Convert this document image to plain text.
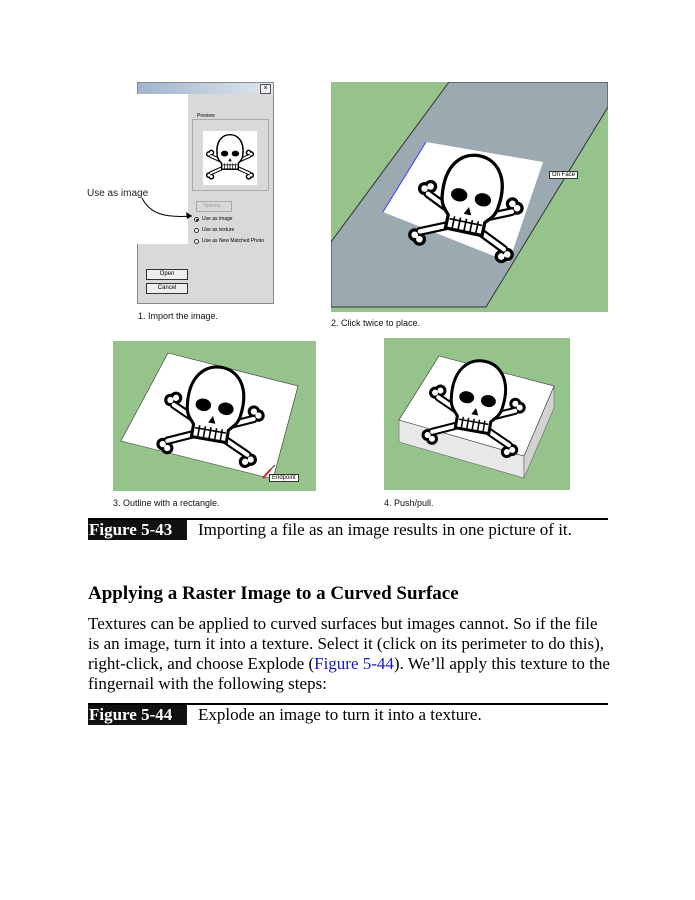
×
Preview
Options...
Use as image
Use as texture
Use as New Matched Photo
Open
Cancel
Use as image
1. Import the image.
On Face
2. Click twice to place.
Endpoint
3. Outline with a rectangle.	4. Push/pull.
Figure 5-43	Importing a file as an image results in one picture of it.
Applying a Raster Image to a Curved Surface
Textures can be applied to curved surfaces but images cannot. So if the file is an image, turn it into a texture. Select it (click on its perimeter to do this), right-click, and choose Explode (Figure 5-44). We’ll apply this texture to the fingernail with the following steps:
Figure 5-44	Explode an image to turn it into a texture.
